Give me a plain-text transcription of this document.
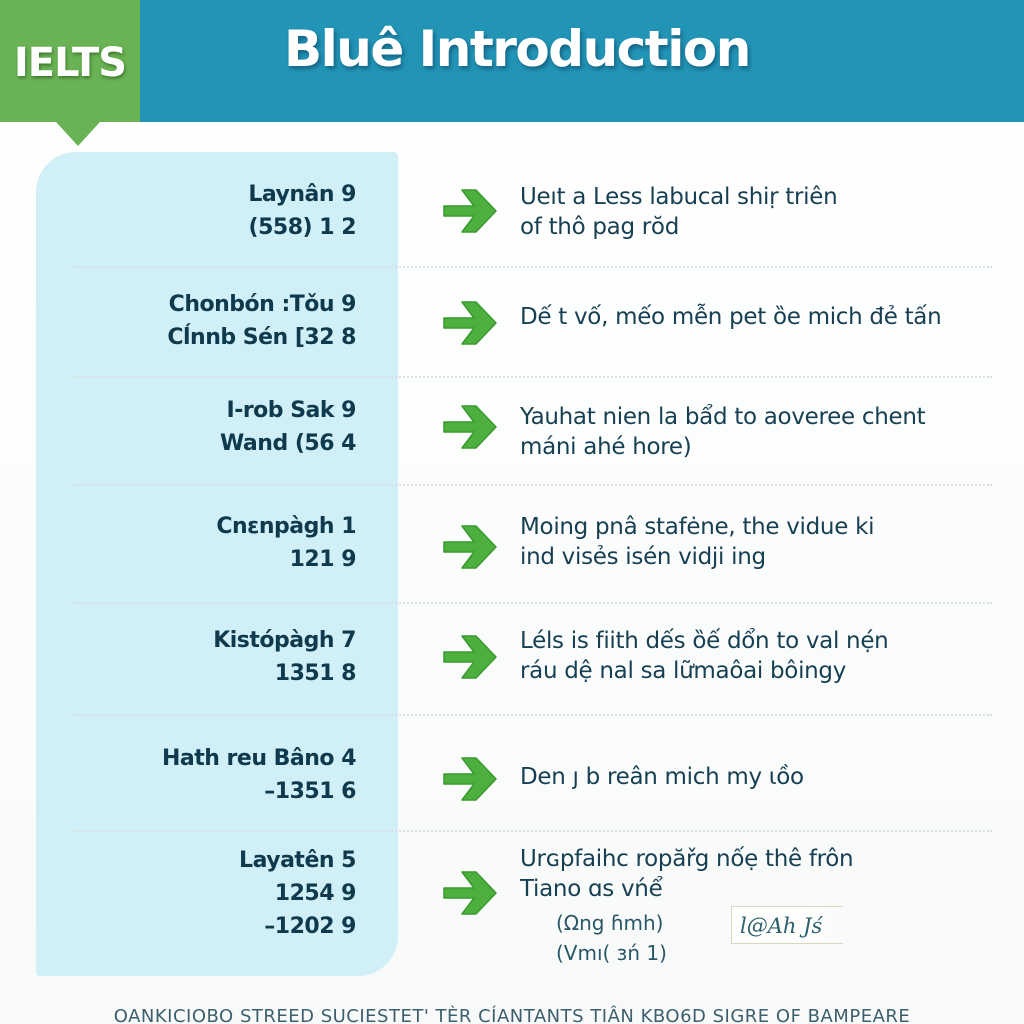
IELTS	Bluê Introduction
Laynân 9
(558) 1 2
Ueıt a Less labucal shiṛ triên
of thô pag rŏd
Chonbón :Tǒu 9
Cĺnnb Sén [32 8
Dế t vố, mếo mễn pet ȍe mich đẻ tấn
I-rob Sak 9
Wand (56 4
Yauhat nien la bẩd to aoveree chent
máni ahé hore)
Cnεnpàgh 1
121 9
Moing pnâ stafėne, the vidue ki
ind visẻs isén vidji ing
Kistópàgh 7
1351 8
Léls is fiith dếs ȍế dổn to val nẹ́n
ráu dệ nal sa lữmaôai bôingy
Hath reu Bâno 4
–1351 6
Den ȷ b reân mich my ɩồo
Layatên 5
1254 9
–1202 9
Urɢpfaihc ropăřg nốẹ thê frôn
Tiano ɑs vńể
(Ωng ɦmh)
(Ⅴmı( ɜń 1)
l@Ah Jś
OANKICIOBO STREED SUCIESTET' TÈR CÍANTANTS TIÂN KBO6D SIGRE OF BAMPEARE
